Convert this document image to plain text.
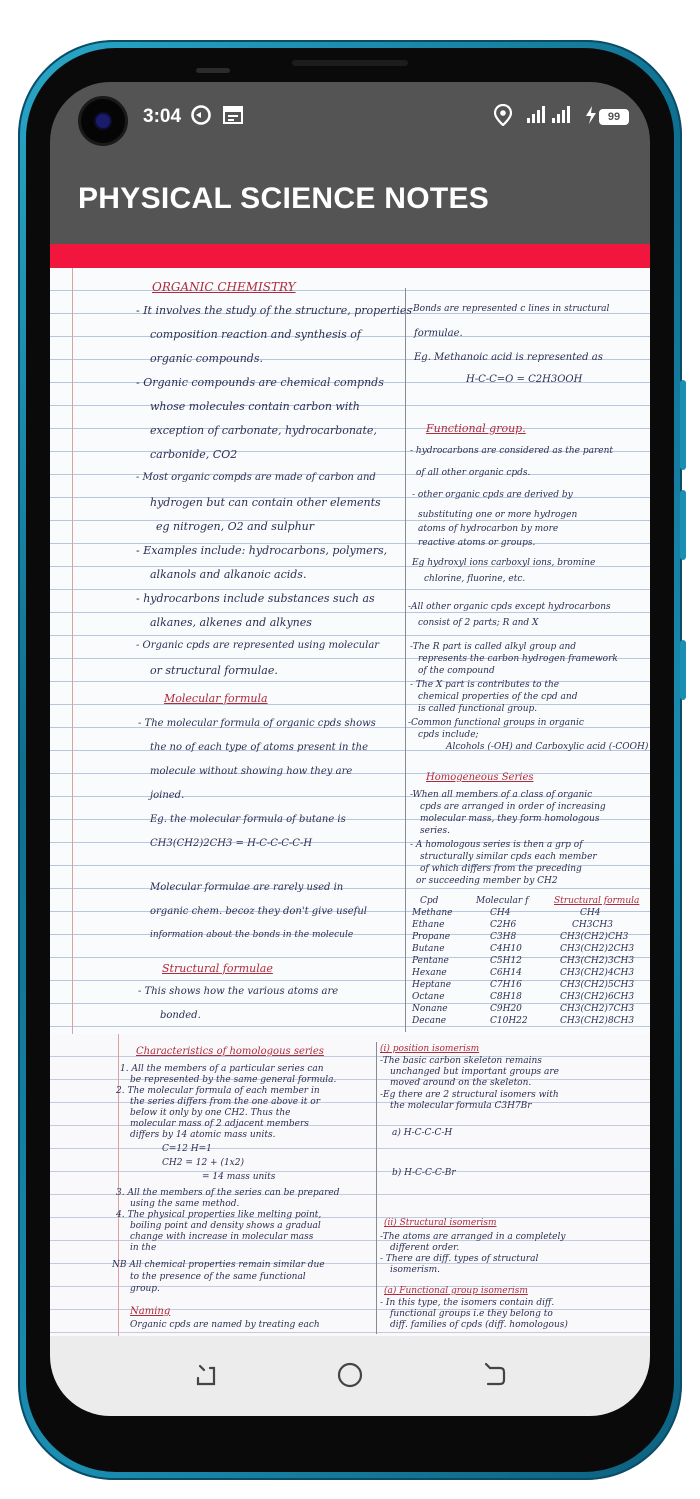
3:04	99
PHYSICAL SCIENCE NOTES
ORGANIC CHEMISTRY
- It involves the study of the structure, properties
composition reaction and synthesis of
organic compounds.
- Organic compounds are chemical compnds
whose molecules contain carbon with
exception of carbonate, hydrocarbonate,
carbonide, CO2
- Most organic compds are made of carbon and
hydrogen but can contain other elements
eg nitrogen, O2 and sulphur
- Examples include: hydrocarbons, polymers,
alkanols and alkanoic acids.
- hydrocarbons include substances such as
alkanes, alkenes and alkynes
- Organic cpds are represented using molecular
or structural formulae.
Molecular formula
- The molecular formula of organic cpds shows
the no of each type of atoms present in the
molecule without showing how they are
joined.
Eg. the molecular formula of butane is
CH3(CH2)2CH3 = H-C-C-C-C-H
Molecular formulae are rarely used in
organic chem. becoz they don't give useful
information about the bonds in the molecule
Structural formulae
- This shows how the various atoms are
bonded.
-Bonds are represented c lines in structural
formulae.
Eg. Methanoic acid is represented as
H-C-C=O = C2H3OOH
Functional group.
- hydrocarbons are considered as the parent
of all other organic cpds.
- other organic cpds are derived by
substituting one or more hydrogen
atoms of hydrocarbon by more
reactive atoms or groups.
Eg hydroxyl ions carboxyl ions, bromine
chlorine, fluorine, etc.
-All other organic cpds except hydrocarbons
consist of 2 parts; R and X
-The R part is called alkyl group and
represents the carbon hydrogen framework
of the compound
- The X part is contributes to the
chemical properties of the cpd and
is called functional group.
-Common functional groups in organic
cpds include;
Alcohols (-OH) and Carboxylic acid (-COOH)
Homogeneous Series
-When all members of a class of organic
cpds are arranged in order of increasing
molecular mass, they form homologous
series.
- A homologous series is then a grp of
structurally similar cpds each member
of which differs from the preceding
or succeeding member by CH2
Cpd	Molecular f	Structural formula
Methane	CH4	CH4
Ethane	C2H6	CH3CH3
Propane	C3H8	CH3(CH2)CH3
Butane	C4H10	CH3(CH2)2CH3
Pentane	C5H12	CH3(CH2)3CH3
Hexane	C6H14	CH3(CH2)4CH3
Heptane	C7H16	CH3(CH2)5CH3
Octane	C8H18	CH3(CH2)6CH3
Nonane	C9H20	CH3(CH2)7CH3
Decane	C10H22	CH3(CH2)8CH3
Characteristics of homologous series
1. All the members of a particular series can
be represented by the same general formula.
2. The molecular formula of each member in
the series differs from the one above it or
below it only by one CH2. Thus the
molecular mass of 2 adjacent members
differs by 14 atomic mass units.
C=12 H=1
CH2 = 12 + (1x2)
= 14 mass units
3. All the members of the series can be prepared
using the same method.
4. The physical properties like melting point,
boiling point and density shows a gradual
change with increase in molecular mass
in the
NB All chemical properties remain similar due
to the presence of the same functional
group.
Naming
Organic cpds are named by treating each
(i) position isomerism
-The basic carbon skeleton remains
unchanged but important groups are
moved around on the skeleton.
-Eg there are 2 structural isomers with
the molecular formula C3H7Br
a) H-C-C-C-H
b) H-C-C-C-Br
(ii) Structural isomerism
-The atoms are arranged in a completely
different order.
- There are diff. types of structural
isomerism.
(a) Functional group isomerism
- In this type, the isomers contain diff.
functional groups i.e they belong to
diff. families of cpds (diff. homologous)
